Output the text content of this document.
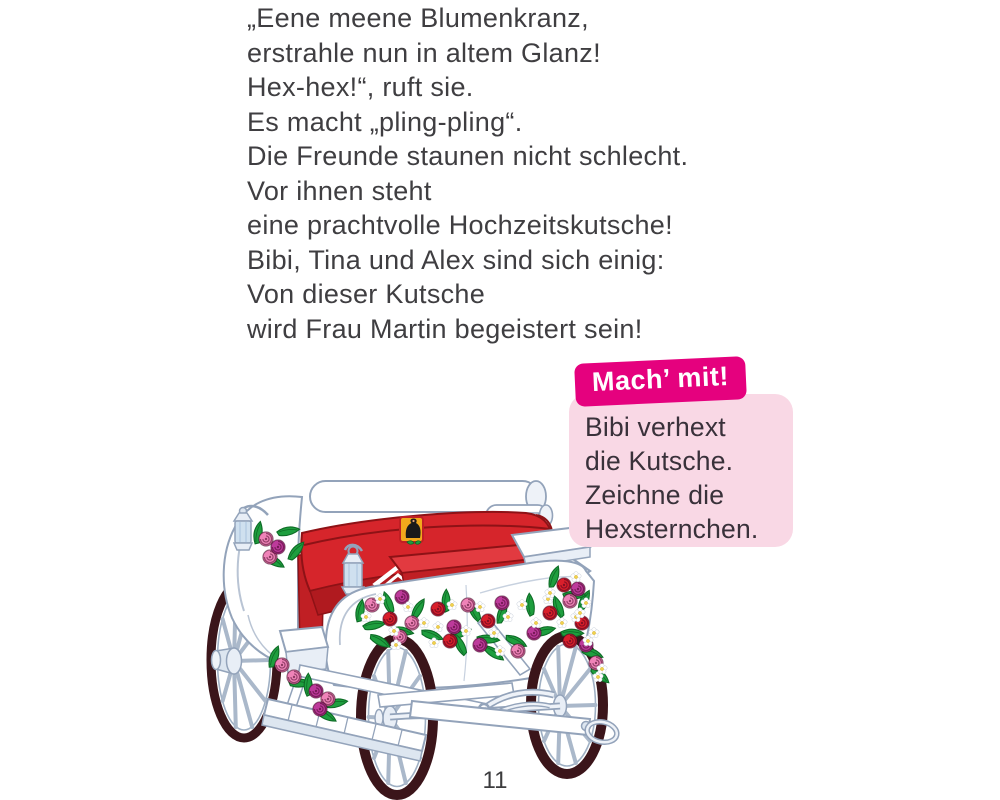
„Eene meene Blumenkranz,
erstrahle nun in altem Glanz!
Hex-hex!“, ruft sie.
Es macht „pling-pling“.
Die Freunde staunen nicht schlecht.
Vor ihnen steht
eine prachtvolle Hochzeitskutsche!
Bibi, Tina und Alex sind sich einig:
Von dieser Kutsche
wird Frau Martin begeistert sein!
Mach’ mit!
Bibi verhext
die Kutsche.
Zeichne die
Hexsternchen.
11
